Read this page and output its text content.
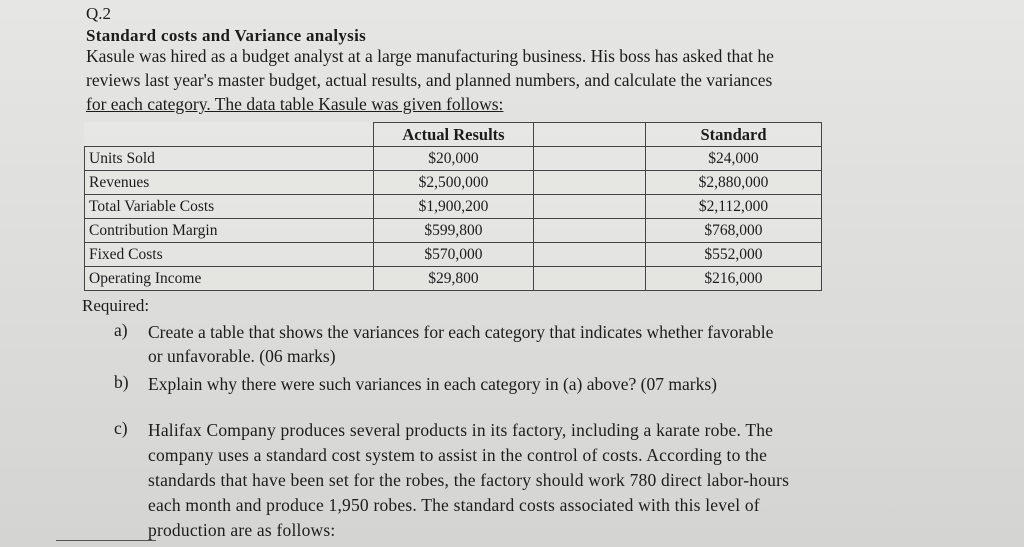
Q.2
Standard costs and Variance analysis
Kasule was hired as a budget analyst at a large manufacturing business. His boss has asked that he
reviews last year's master budget, actual results, and planned numbers, and calculate the variances
for each category. The data table Kasule was given follows:
	Actual Results		Standard
Units Sold	$20,000		$24,000
Revenues	$2,500,000		$2,880,000
Total Variable Costs	$1,900,200		$2,112,000
Contribution Margin	$599,800		$768,000
Fixed Costs	$570,000		$552,000
Operating Income	$29,800		$216,000
Required:
a) Create a table that shows the variances for each category that indicates whether favorable
or unfavorable. (06 marks)
b) Explain why there were such variances in each category in (a) above? (07 marks)
c) Halifax Company produces several products in its factory, including a karate robe. The
company uses a standard cost system to assist in the control of costs. According to the
standards that have been set for the robes, the factory should work 780 direct labor-hours
each month and produce 1,950 robes. The standard costs associated with this level of
production are as follows:
